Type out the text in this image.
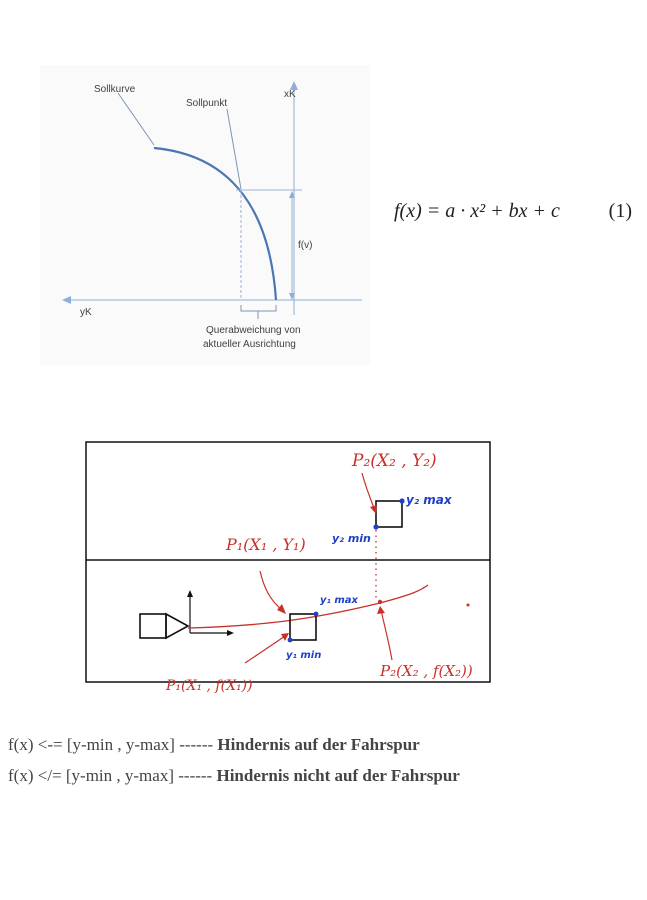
Sollkurve
Sollpunkt
xK
yK
f(v)
Querabweichung von
aktueller Ausrichtung
f(x) = a · x² + bx + c (1)
P₂(X₂ , Y₂)
P₁(X₁ , Y₁)
P₁(X₁ , f(X₁))
P₂(X₂ , f(X₂))
y₂ max
y₂ min
y₁ max
y₁ min
f(x) <-= [y-min , y-max] ------ Hindernis auf der Fahrspur
f(x) </= [y-min , y-max] ------ Hindernis nicht auf der Fahrspur
